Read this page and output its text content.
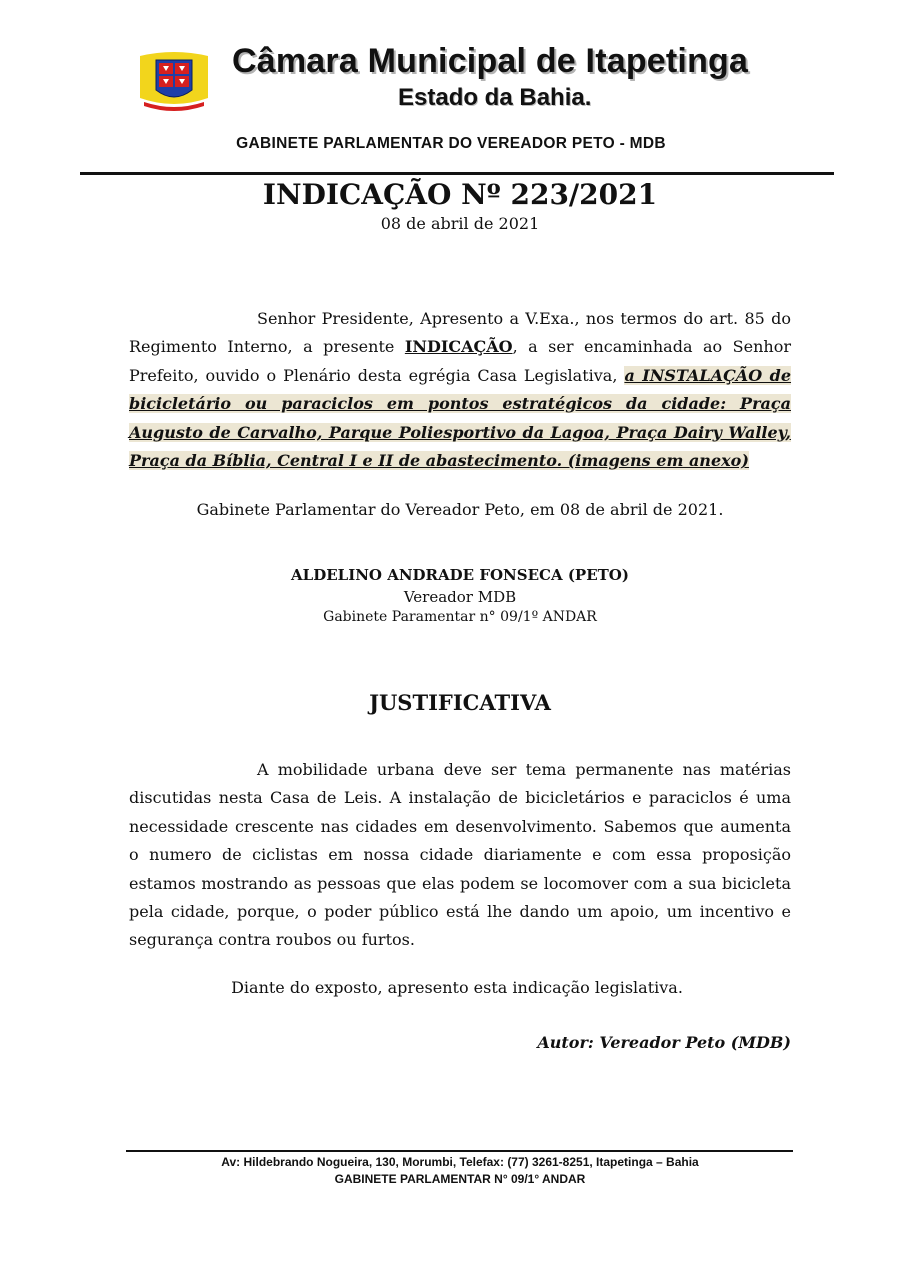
Câmara Municipal de Itapetinga
Estado da Bahia.
GABINETE PARLAMENTAR DO VEREADOR PETO - MDB
INDICAÇÃO Nº 223/2021
08 de abril de 2021
Senhor Presidente, Apresento a V.Exa., nos termos do art. 85 do Regimento Interno, a presente INDICAÇÃO, a ser encaminhada ao Senhor Prefeito, ouvido o Plenário desta egrégia Casa Legislativa, a INSTALAÇÃO de bicicletário ou paraciclos em pontos estratégicos da cidade: Praça Augusto de Carvalho, Parque Poliesportivo da Lagoa, Praça Dairy Walley, Praça da Bíblia, Central I e II de abastecimento. (imagens em anexo)
Gabinete Parlamentar do Vereador Peto, em 08 de abril de 2021.
ALDELINO ANDRADE FONSECA (PETO)
Vereador MDB
Gabinete Paramentar n° 09/1º ANDAR
JUSTIFICATIVA
A mobilidade urbana deve ser tema permanente nas matérias discutidas nesta Casa de Leis. A instalação de bicicletários e paraciclos é uma necessidade crescente nas cidades em desenvolvimento. Sabemos que aumenta o numero de ciclistas em nossa cidade diariamente e com essa proposição estamos mostrando as pessoas que elas podem se locomover com a sua bicicleta pela cidade, porque, o poder público está lhe dando um apoio, um incentivo e segurança contra roubos ou furtos.
Diante do exposto, apresento esta indicação legislativa.
Autor: Vereador Peto (MDB)
Av: Hildebrando Nogueira, 130, Morumbi, Telefax: (77) 3261-8251, Itapetinga – Bahia
GABINETE PARLAMENTAR N° 09/1° ANDAR
